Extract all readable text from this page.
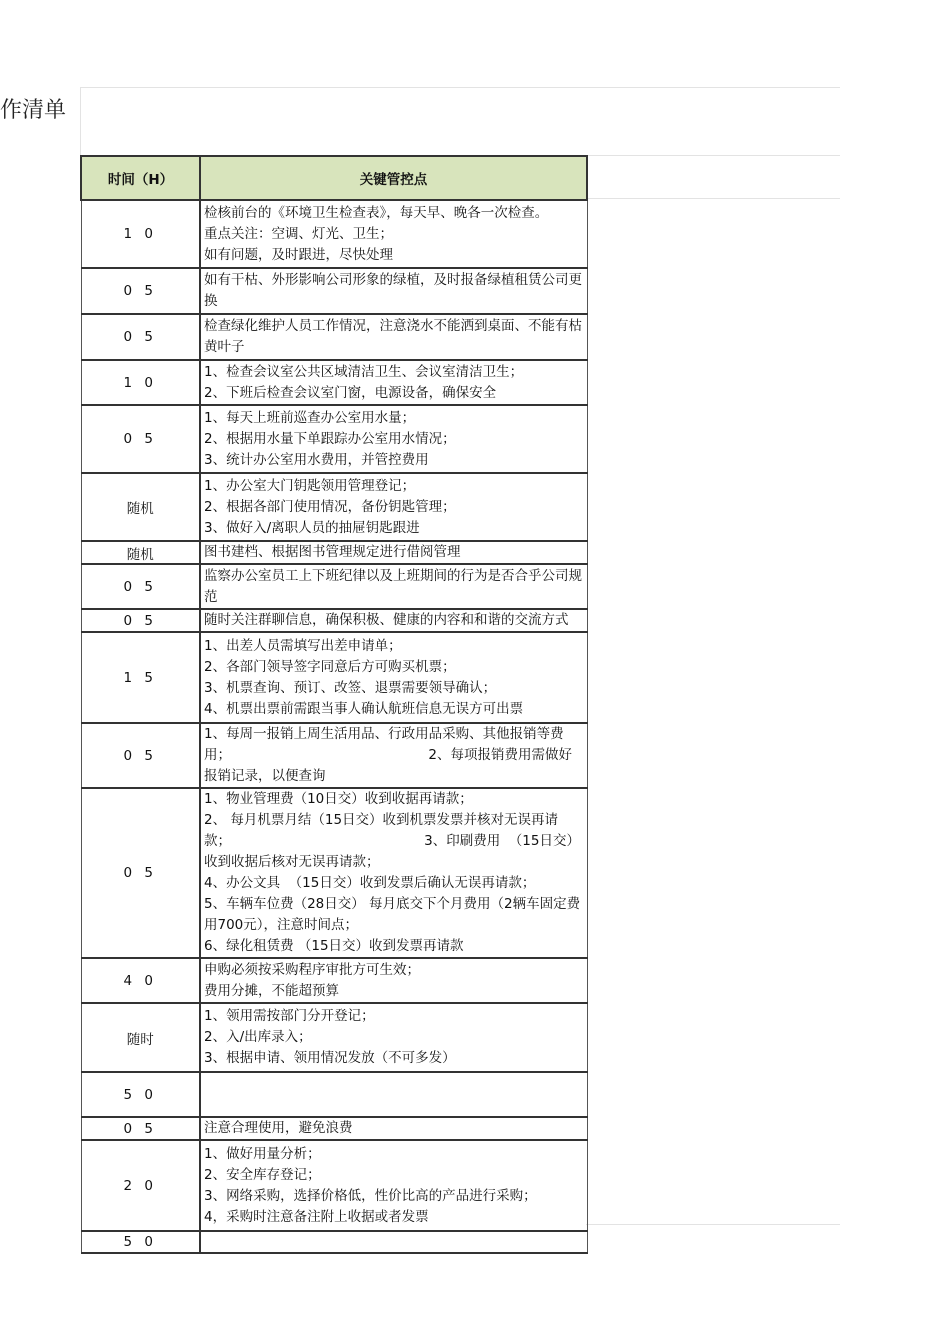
作清单
时间（H）	关键管控点
1 0	检核前台的《环境卫生检查表》，每天早、晚各一次检查。
重点关注：空调、灯光、卫生；
如有问题，及时跟进，尽快处理
0 5	如有干枯、外形影响公司形象的绿植，及时报备绿植租赁公司更换
0 5	检查绿化维护人员工作情况，注意浇水不能洒到桌面、不能有枯黄叶子
1 0	1、检查会议室公共区域清洁卫生、会议室清洁卫生；
2、下班后检查会议室门窗，电源设备，确保安全
0 5	1、每天上班前巡查办公室用水量；
2、根据用水量下单跟踪办公室用水情况；
3、统计办公室用水费用，并管控费用
随机	1、办公室大门钥匙领用管理登记；
2、根据各部门使用情况，备份钥匙管理；
3、做好入/离职人员的抽屉钥匙跟进
随机	图书建档、根据图书管理规定进行借阅管理
0 5	监察办公室员工上下班纪律以及上班期间的行为是否合乎公司规范
0 5	随时关注群聊信息，确保积极、健康的内容和和谐的交流方式
1 5	1、出差人员需填写出差申请单；
2、各部门领导签字同意后方可购买机票；
3、机票查询、预订、改签、退票需要领导确认；
4、机票出票前需跟当事人确认航班信息无误方可出票
0 5	1、每周一报销上周生活用品、行政用品采购、其他报销等费用；                                              2、每项报销费用需做好报销记录，以便查询
0 5	1、物业管理费（10日交）收到收据再请款；
2、 每月机票月结（15日交）收到机票发票并核对无误再请款；                                             3、印刷费用  （15日交） 收到收据后核对无误再请款；
4、办公文具  （15日交）收到发票后确认无误再请款；
5、车辆车位费（28日交） 每月底交下个月费用（2辆车固定费用700元），注意时间点；
6、绿化租赁费 （15日交）收到发票再请款
4 0	申购必须按采购程序审批方可生效；
费用分摊，不能超预算
随时	1、领用需按部门分开登记；
2、入/出库录入；
3、根据申请、领用情况发放（不可多发）
5 0	
0 5	注意合理使用，避免浪费
2 0	1、做好用量分析；
2、安全库存登记；
3、网络采购，选择价格低，性价比高的产品进行采购；
4，采购时注意备注附上收据或者发票
5 0	
